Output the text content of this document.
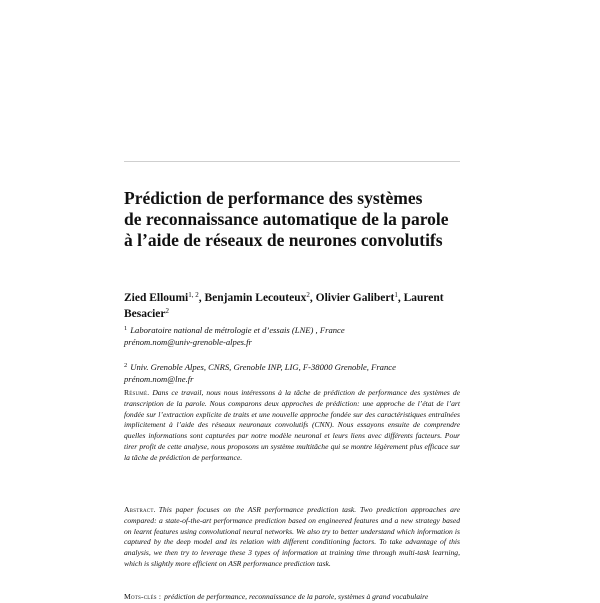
Prédiction de performance des systèmes
de reconnaissance automatique de la parole
à l’aide de réseaux de neurones convolutifs
Zied Elloumi$^{1, 2}$, Benjamin Lecouteux$^2$, Olivier Galibert$^1$, Laurent Besacier$^2$
$^1$ Laboratoire national de métrologie et d’essais (LNE) , France
prénom.nom@univ-grenoble-alpes.fr
$^2$ Univ. Grenoble Alpes, CNRS, Grenoble INP, LIG, F-38000 Grenoble, France
prénom.nom@lne.fr
Résumé. Dans ce travail, nous nous intéressons à la tâche de prédiction de performance des systèmes de transcription de la parole. Nous comparons deux approches de prédiction: une approche de l’état de l’art fondée sur l’extraction explicite de traits et une nouvelle approche fondée sur des caractéristiques entraînées implicitement à l’aide des réseaux neuronaux convolutifs (CNN). Nous essayons ensuite de comprendre quelles informations sont capturées par notre modèle neuronal et leurs liens avec différents facteurs. Pour tirer profit de cette analyse, nous proposons un système multitâche qui se montre légèrement plus efficace sur la tâche de prédiction de performance.
Abstract. This paper focuses on the ASR performance prediction task. Two prediction approaches are compared: a state-of-the-art performance prediction based on engineered features and a new strategy based on learnt features using convolutional neural networks. We also try to better understand which information is captured by the deep model and its relation with different conditioning factors. To take advantage of this analysis, we then try to leverage these 3 types of information at training time through multi-task learning, which is slightly more efficient on ASR performance prediction task.
Mots-clés : prédiction de performance, reconnaissance de la parole, systèmes à grand vocabulaire
